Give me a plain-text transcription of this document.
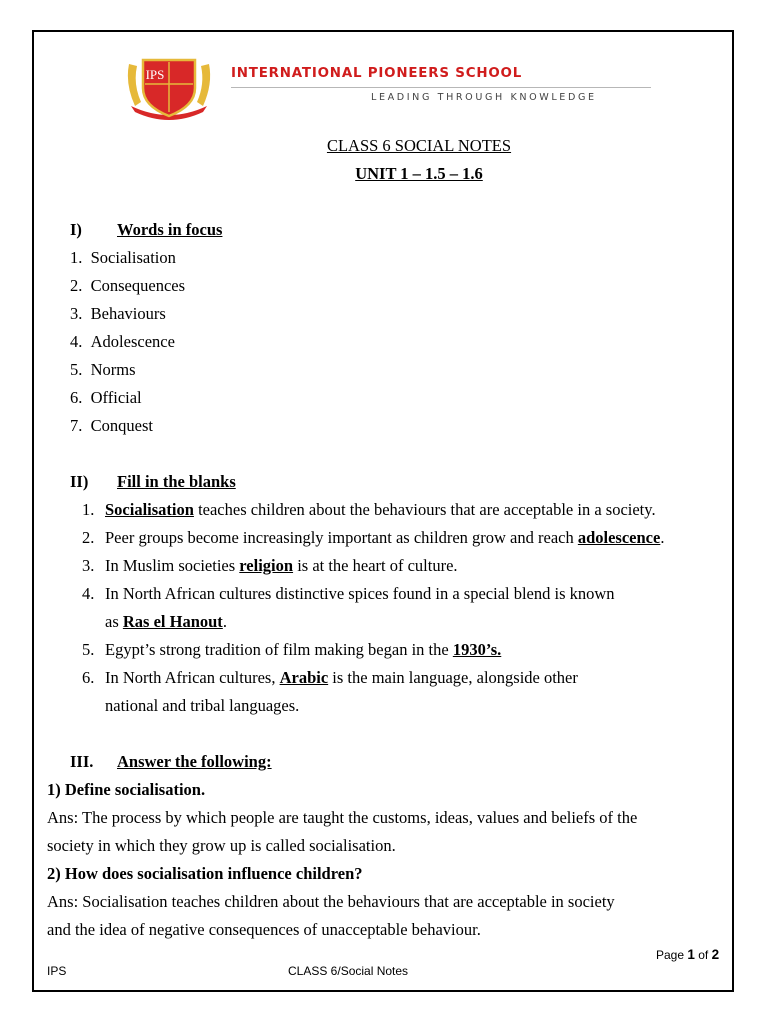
IPS	INTERNATIONAL PIONEERS SCHOOL
LEADING THROUGH KNOWLEDGE
CLASS 6 SOCIAL NOTES
UNIT 1 – 1.5 – 1.6
I) Words in focus
1. Socialisation
2. Consequences
3. Behaviours
4. Adolescence
5. Norms
6. Official
7. Conquest
II) Fill in the blanks
1. Socialisation teaches children about the behaviours that are acceptable in a society.
2. Peer groups become increasingly important as children grow and reach adolescence.
3. In Muslim societies religion is at the heart of culture.
4. In North African cultures distinctive spices found in a special blend is known
as Ras el Hanout.
5. Egypt’s strong tradition of film making began in the 1930’s.
6. In North African cultures, Arabic is the main language, alongside other
national and tribal languages.
III. Answer the following:
1) Define socialisation.
Ans: The process by which people are taught the customs, ideas, values and beliefs of the
society in which they grow up is called socialisation.
2) How does socialisation influence children?
Ans: Socialisation teaches children about the behaviours that are acceptable in society
and the idea of negative consequences of unacceptable behaviour.
Page 1 of 2
IPS	CLASS 6/Social Notes
